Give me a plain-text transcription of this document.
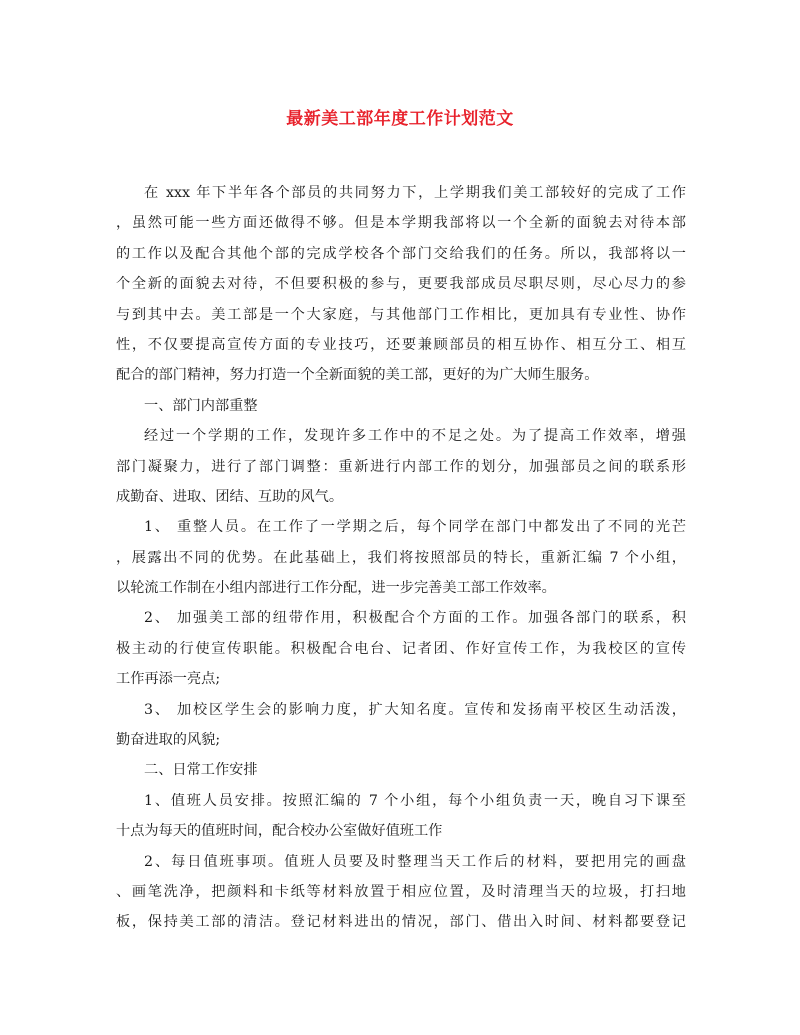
最新美工部年度工作计划范文
在 xxx 年下半年各个部员的共同努力下，上学期我们美工部较好的完成了工作
，虽然可能一些方面还做得不够。但是本学期我部将以一个全新的面貌去对待本部
的工作以及配合其他个部的完成学校各个部门交给我们的任务。所以，我部将以一
个全新的面貌去对待，不但要积极的参与，更要我部成员尽职尽则，尽心尽力的参
与到其中去。美工部是一个大家庭，与其他部门工作相比，更加具有专业性、协作
性，不仅要提高宣传方面的专业技巧，还要兼顾部员的相互协作、相互分工、相互
配合的部门精神，努力打造一个全新面貌的美工部，更好的为广大师生服务。
一、部门内部重整
经过一个学期的工作，发现许多工作中的不足之处。为了提高工作效率，增强
部门凝聚力，进行了部门调整：重新进行内部工作的划分，加强部员之间的联系形
成勤奋、进取、团结、互助的风气。
1、 重整人员。在工作了一学期之后，每个同学在部门中都发出了不同的光芒
，展露出不同的优势。在此基础上，我们将按照部员的特长，重新汇编 7 个小组，
以轮流工作制在小组内部进行工作分配，进一步完善美工部工作效率。
2、 加强美工部的纽带作用，积极配合个方面的工作。加强各部门的联系，积
极主动的行使宣传职能。积极配合电台、记者团、作好宣传工作，为我校区的宣传
工作再添一亮点;
3、 加校区学生会的影响力度，扩大知名度。宣传和发扬南平校区生动活泼，
勤奋进取的风貌;
二、日常工作安排
1、值班人员安排。按照汇编的 7 个小组，每个小组负责一天，晚自习下课至
十点为每天的值班时间，配合校办公室做好值班工作
2、每日值班事项。值班人员要及时整理当天工作后的材料，要把用完的画盘
、画笔洗净，把颜料和卡纸等材料放置于相应位置，及时清理当天的垃圾，打扫地
板，保持美工部的清洁。登记材料进出的情况，部门、借出入时间、材料都要登记
